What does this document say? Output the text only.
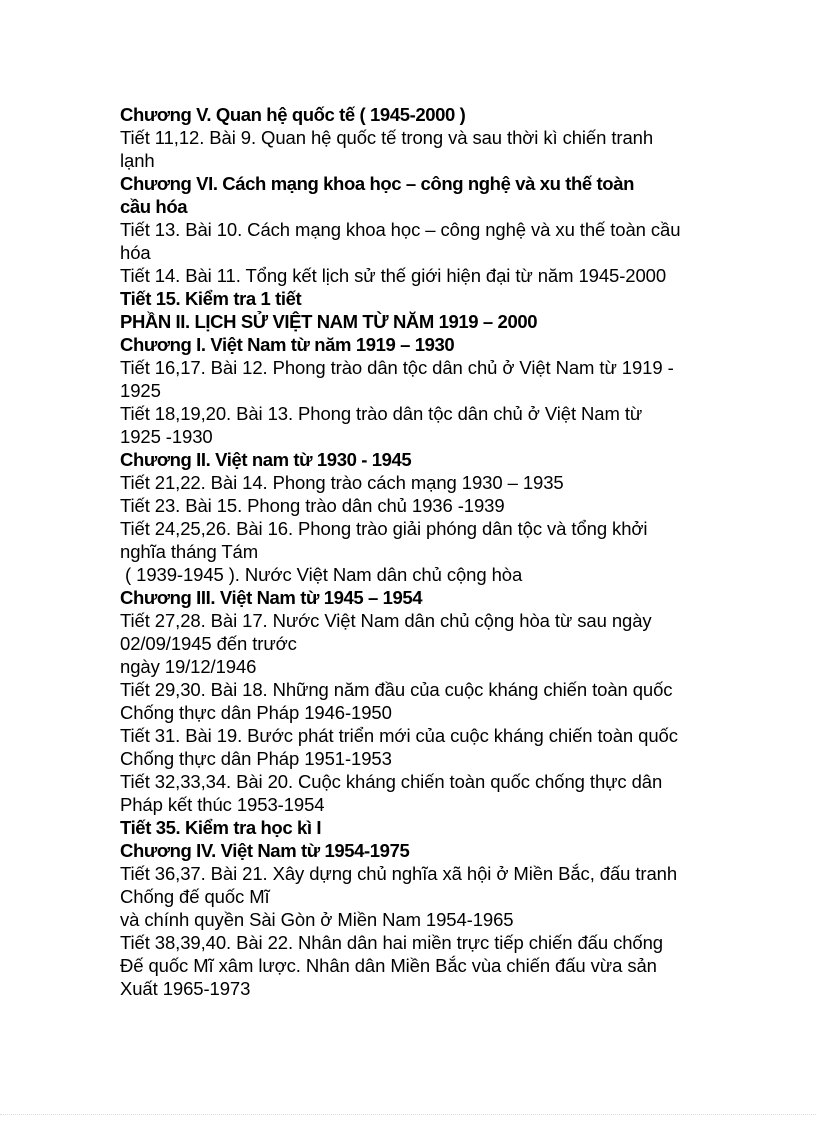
Chương V. Quan hệ quốc tế ( 1945-2000 )
Tiết 11,12. Bài 9. Quan hệ quốc tế trong và sau thời kì chiến tranh
lạnh
Chương VI. Cách mạng khoa học – công nghệ và xu thế toàn
cầu hóa
Tiết 13. Bài 10. Cách mạng khoa học – công nghệ và xu thế toàn cầu
hóa
Tiết 14. Bài 11. Tổng kết lịch sử thế giới hiện đại từ năm 1945-2000
Tiết 15. Kiểm tra 1 tiết
PHẦN II. LỊCH SỬ VIỆT NAM TỪ NĂM 1919 – 2000
Chương I. Việt Nam từ năm 1919 – 1930
Tiết 16,17. Bài 12. Phong trào dân tộc dân chủ ở Việt Nam từ 1919 -
1925
Tiết 18,19,20. Bài 13. Phong trào dân tộc dân chủ ở Việt Nam từ
1925 -1930
Chương II. Việt nam từ 1930 - 1945
Tiết 21,22. Bài 14. Phong trào cách mạng 1930 – 1935
Tiết 23. Bài 15. Phong trào dân chủ 1936 -1939
Tiết 24,25,26. Bài 16. Phong trào giải phóng dân tộc và tổng khởi
nghĩa tháng Tám
( 1939-1945 ). Nước Việt Nam dân chủ cộng hòa
Chương III. Việt Nam từ 1945 – 1954
Tiết 27,28. Bài 17. Nước Việt Nam dân chủ cộng hòa từ sau ngày
02/09/1945 đến trước
ngày 19/12/1946
Tiết 29,30. Bài 18. Những năm đầu của cuộc kháng chiến toàn quốc
Chống thực dân Pháp 1946-1950
Tiết 31. Bài 19. Bước phát triển mới của cuộc kháng chiến toàn quốc
Chống thực dân Pháp 1951-1953
Tiết 32,33,34. Bài 20. Cuộc kháng chiến toàn quốc chống thực dân
Pháp kết thúc 1953-1954
Tiết 35. Kiểm tra học kì I
Chương IV. Việt Nam từ 1954-1975
Tiết 36,37. Bài 21. Xây dựng chủ nghĩa xã hội ở Miền Bắc, đấu tranh
Chống đế quốc Mĩ
và chính quyền Sài Gòn ở Miền Nam 1954-1965
Tiết 38,39,40. Bài 22. Nhân dân hai miền trực tiếp chiến đấu chống
Đế quốc Mĩ xâm lược. Nhân dân Miền Bắc vùa chiến đấu vừa sản
Xuất 1965-1973
